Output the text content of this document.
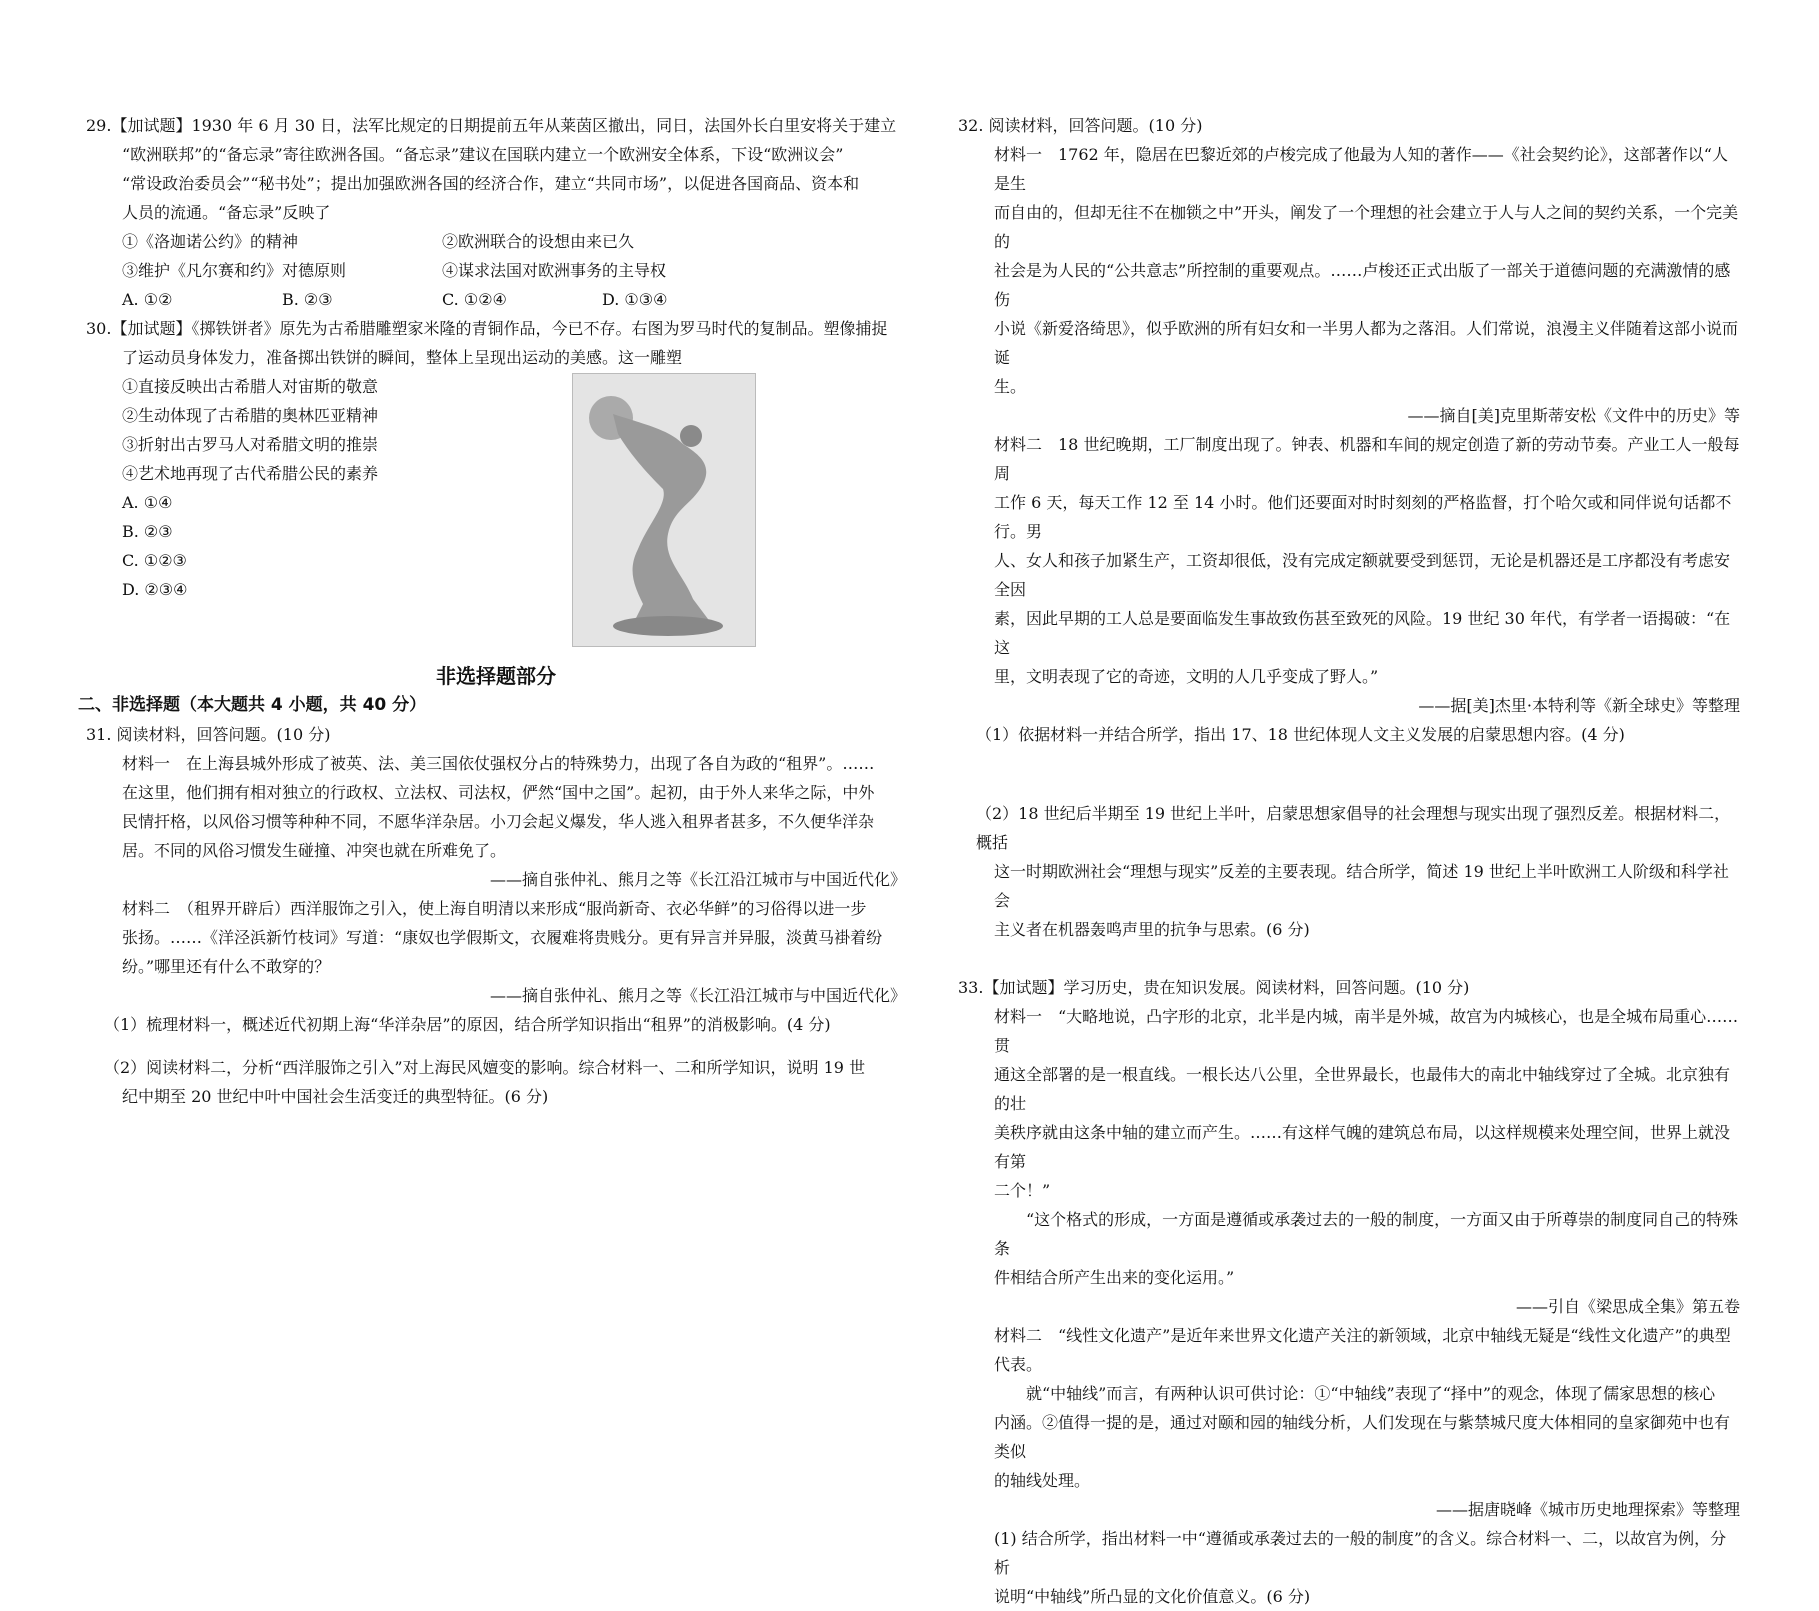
29.【加试题】1930 年 6 月 30 日，法军比规定的日期提前五年从莱茵区撤出，同日，法国外长白里安将关于建立

“欧洲联邦”的“备忘录”寄往欧洲各国。“备忘录”建议在国联内建立一个欧洲安全体系，下设“欧洲议会”

“常设政治委员会”“秘书处”；提出加强欧洲各国的经济合作，建立“共同市场”，以促进各国商品、资本和

人员的流通。“备忘录”反映了

①《洛迦诺公约》的精神	②欧洲联合的设想由来已久
③维护《凡尔赛和约》对德原则	④谋求法国对欧洲事务的主导权
A. ①②	B. ②③	C. ①②④	D. ①③④

30.【加试题】《掷铁饼者》原先为古希腊雕塑家米隆的青铜作品，今已不存。右图为罗马时代的复制品。塑像捕捉

了运动员身体发力，准备掷出铁饼的瞬间，整体上呈现出运动的美感。这一雕塑

①直接反映出古希腊人对宙斯的敬意

②生动体现了古希腊的奥林匹亚精神

③折射出古罗马人对希腊文明的推崇

④艺术地再现了古代希腊公民的素养

A. ①④

B. ②③

C. ①②③

D. ②③④

非选择题部分

二、非选择题（本大题共 4 小题，共 40 分）

31. 阅读材料，回答问题。(10 分)

材料一　在上海县城外形成了被英、法、美三国依仗强权分占的特殊势力，出现了各自为政的“租界”。……

在这里，他们拥有相对独立的行政权、立法权、司法权，俨然“国中之国”。起初，由于外人来华之际，中外

民情扞格，以风俗习惯等种种不同，不愿华洋杂居。小刀会起义爆发，华人逃入租界者甚多，不久便华洋杂

居。不同的风俗习惯发生碰撞、冲突也就在所难免了。

——摘自张仲礼、熊月之等《长江沿江城市与中国近代化》

材料二　（租界开辟后）西洋服饰之引入，使上海自明清以来形成“服尚新奇、衣必华鲜”的习俗得以进一步

张扬。……《洋泾浜新竹枝词》写道：“康奴也学假斯文，衣履难将贵贱分。更有异言并异服，淡黄马褂着纷

纷。”哪里还有什么不敢穿的？

——摘自张仲礼、熊月之等《长江沿江城市与中国近代化》

（1）梳理材料一，概述近代初期上海“华洋杂居”的原因，结合所学知识指出“租界”的消极影响。(4 分)

（2）阅读材料二，分析“西洋服饰之引入”对上海民风嬗变的影响。综合材料一、二和所学知识，说明 19 世

纪中期至 20 世纪中叶中国社会生活变迁的典型特征。(6 分)

32. 阅读材料，回答问题。(10 分)

材料一　1762 年，隐居在巴黎近郊的卢梭完成了他最为人知的著作——《社会契约论》，这部著作以“人是生

而自由的，但却无往不在枷锁之中”开头，阐发了一个理想的社会建立于人与人之间的契约关系，一个完美的

社会是为人民的“公共意志”所控制的重要观点。……卢梭还正式出版了一部关于道德问题的充满激情的感伤

小说《新爱洛绮思》，似乎欧洲的所有妇女和一半男人都为之落泪。人们常说，浪漫主义伴随着这部小说而诞

生。

——摘自[美]克里斯蒂安松《文件中的历史》等

材料二　18 世纪晚期，工厂制度出现了。钟表、机器和车间的规定创造了新的劳动节奏。产业工人一般每周

工作 6 天，每天工作 12 至 14 小时。他们还要面对时时刻刻的严格监督，打个哈欠或和同伴说句话都不行。男

人、女人和孩子加紧生产，工资却很低，没有完成定额就要受到惩罚，无论是机器还是工序都没有考虑安全因

素，因此早期的工人总是要面临发生事故致伤甚至致死的风险。19 世纪 30 年代，有学者一语揭破：“在这

里，文明表现了它的奇迹，文明的人几乎变成了野人。”

——据[美]杰里·本特利等《新全球史》等整理

（1）依据材料一并结合所学，指出 17、18 世纪体现人文主义发展的启蒙思想内容。(4 分)

（2）18 世纪后半期至 19 世纪上半叶，启蒙思想家倡导的社会理想与现实出现了强烈反差。根据材料二，概括

这一时期欧洲社会“理想与现实”反差的主要表现。结合所学，简述 19 世纪上半叶欧洲工人阶级和科学社会

主义者在机器轰鸣声里的抗争与思索。(6 分)

33.【加试题】学习历史，贵在知识发展。阅读材料，回答问题。(10 分)

材料一　“大略地说，凸字形的北京，北半是内城，南半是外城，故宫为内城核心，也是全城布局重心……贯

通这全部署的是一根直线。一根长达八公里，全世界最长，也最伟大的南北中轴线穿过了全城。北京独有的壮

美秩序就由这条中轴的建立而产生。……有这样气魄的建筑总布局，以这样规模来处理空间，世界上就没有第

二个！”

“这个格式的形成，一方面是遵循或承袭过去的一般的制度，一方面又由于所尊崇的制度同自己的特殊条

件相结合所产生出来的变化运用。”

——引自《梁思成全集》第五卷

材料二　“线性文化遗产”是近年来世界文化遗产关注的新领域，北京中轴线无疑是“线性文化遗产”的典型

代表。

就“中轴线”而言，有两种认识可供讨论：①“中轴线”表现了“择中”的观念，体现了儒家思想的核心

内涵。②值得一提的是，通过对颐和园的轴线分析，人们发现在与紫禁城尺度大体相同的皇家御苑中也有类似

的轴线处理。

——据唐晓峰《城市历史地理探索》等整理

(1) 结合所学，指出材料一中“遵循或承袭过去的一般的制度”的含义。综合材料一、二，以故宫为例，分析

说明“中轴线”所凸显的文化价值意义。(6 分)
